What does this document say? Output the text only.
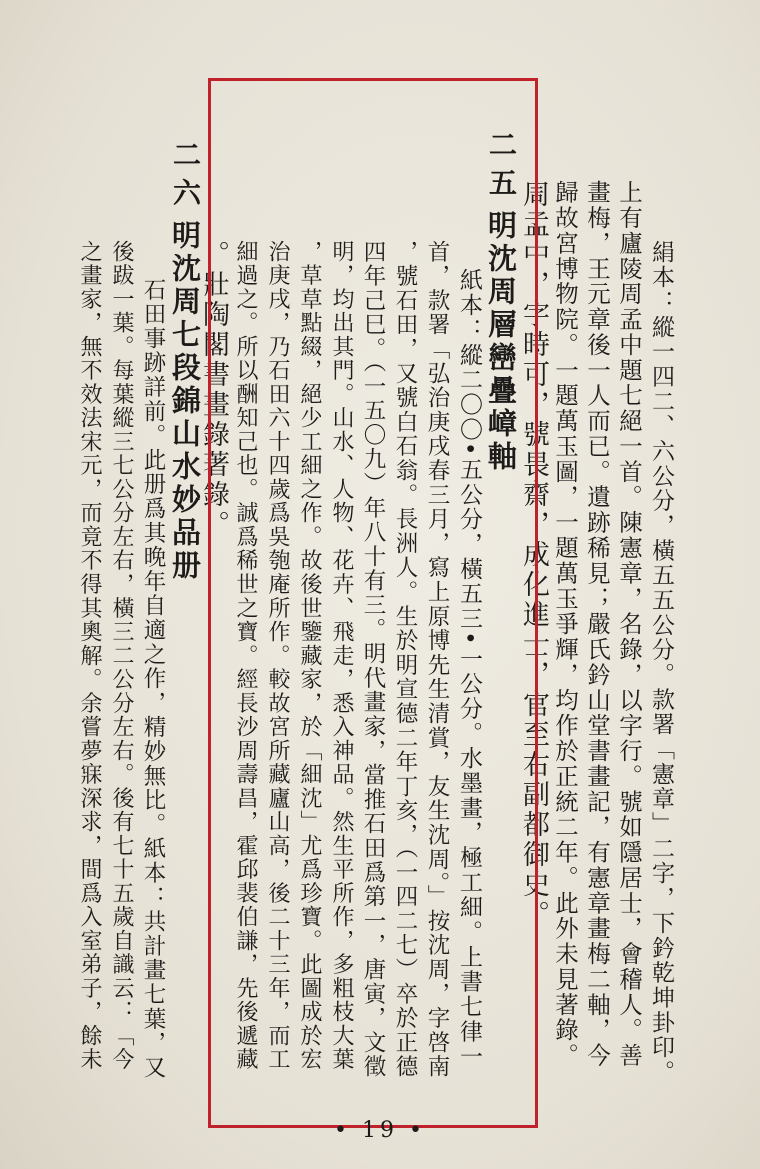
絹本：縱一四二、六公分，橫五五公分。款署「憲章」二字，下鈐乾坤卦印。
上有廬陵周孟中題七絕一首。陳憲章，名錄，以字行。號如隱居士，會稽人。善
畫梅，王元章後一人而已。遺跡稀見；嚴氏鈐山堂書畫記，有憲章畫梅二軸，今
歸故宮博物院。一題萬玉圖，一題萬玉爭輝，均作於正統二年。此外未見著錄。
周孟中，字時可，號畏齋，成化進士，官至右副都御史。
二五
明沈周層巒疊嶂軸
紙本：縱二〇〇•五公分，橫五三•一公分。水墨畫，極工細。上書七律一
首，款署「弘治庚戌春三月，寫上原博先生清賞，友生沈周。」按沈周，字啓南
，號石田，又號白石翁。長洲人。生於明宣德二年丁亥，（一四二七）卒於正德
四年己巳。（一五〇九）年八十有三。明代畫家，當推石田爲第一，唐寅，文徵
明，均出其門。山水、人物、花卉、飛走，悉入神品。然生平所作，多粗枝大葉
，草草點綴，絕少工細之作。故後世鑒藏家，於「細沈」尤爲珍寶。此圖成於宏
治庚戌，乃石田六十四歲爲吳匏庵所作。較故宮所藏廬山高，後二十三年，而工
細過之。所以酬知己也。誠爲稀世之寶。經長沙周壽昌，霍邱裴伯謙，先後遞藏
。壯陶閣書畫錄著錄。
二六
明沈周七段錦山水妙品册
石田事跡詳前。此册爲其晚年自適之作，精妙無比。紙本：共計畫七葉，又
後跋一葉。每葉縱三七公分左右，橫三二公分左右。後有七十五歲自識云：「今
之畫家，無不效法宋元，而竟不得其奧解。余嘗夢寐深求，間爲入室弟子，餘未
• 19 •
